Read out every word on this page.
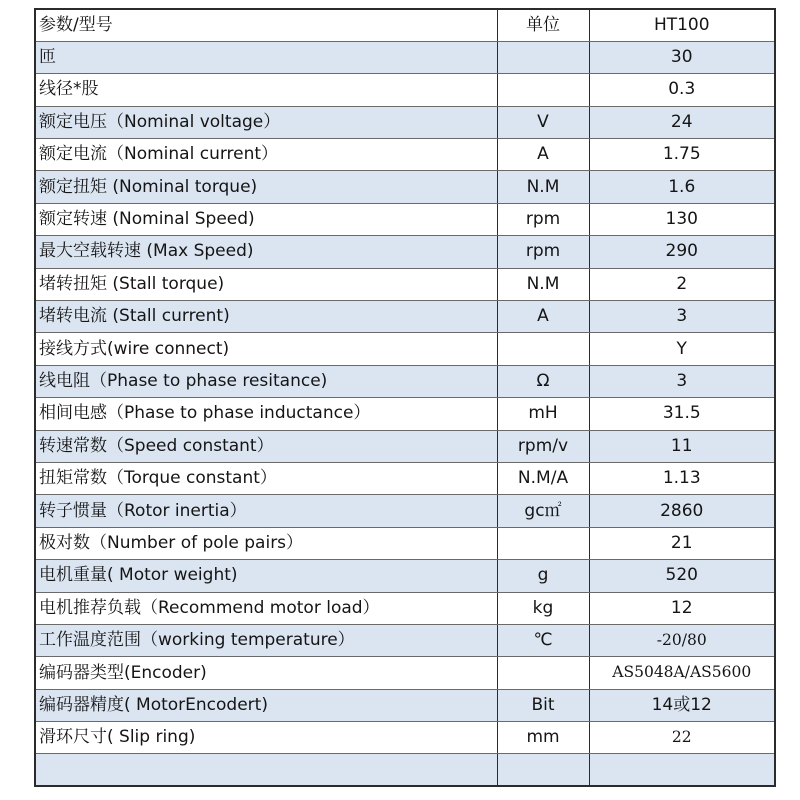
参数/型号	单位	HT100
匝		30
线径*股		0.3
额定电压（Nominal voltage）	V	24
额定电流（Nominal current）	A	1.75
额定扭矩 (Nominal torque)	N.M	1.6
额定转速 (Nominal Speed)	rpm	130
最大空载转速 (Max Speed)	rpm	290
堵转扭矩 (Stall torque)	N.M	2
堵转电流 (Stall current)	A	3
接线方式(wire connect)		Y
线电阻（Phase to phase resitance)	Ω	3
相间电感（Phase to phase inductance）	mH	31.5
转速常数（Speed constant）	rpm/v	11
扭矩常数（Torque constant）	N.M/A	1.13
转子惯量（Rotor inertia）	gc㎡	2860
极对数（Number of pole pairs）		21
电机重量( Motor weight)	g	520
电机推荐负载（Recommend motor load）	kg	12
工作温度范围（working temperature）	℃	-20/80
编码器类型(Encoder)		AS5048A/AS5600
编码器精度( MotorEncodert)	Bit	14或12
滑环尺寸( Slip ring)	mm	22
